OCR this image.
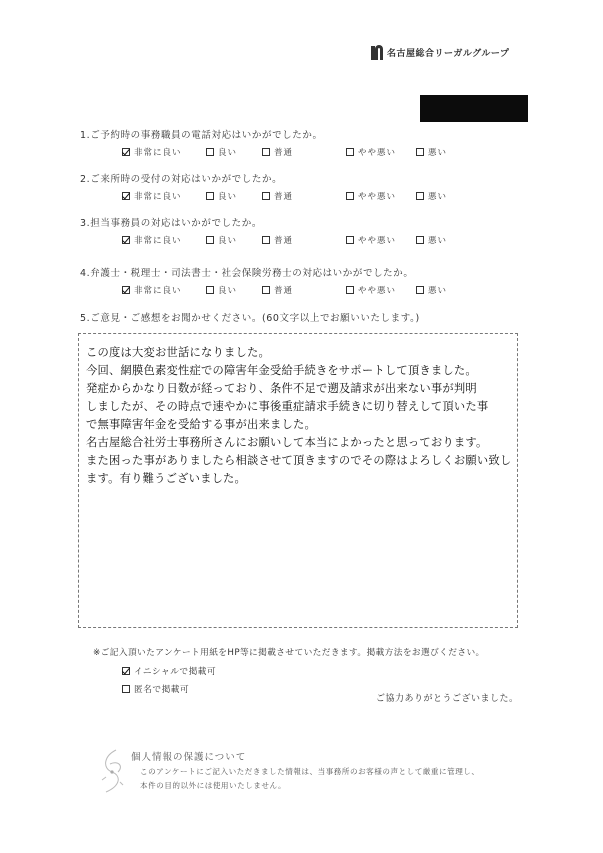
名古屋総合リーガルグループ
1.ご予約時の事務職員の電話対応はいかがでしたか。
非常に良い	良い	普通	やや悪い	悪い
2.ご来所時の受付の対応はいかがでしたか。
非常に良い	良い	普通	やや悪い	悪い
3.担当事務員の対応はいかがでしたか。
非常に良い	良い	普通	やや悪い	悪い
4.弁護士・税理士・司法書士・社会保険労務士の対応はいかがでしたか。
非常に良い	良い	普通	やや悪い	悪い
5.ご意見・ご感想をお聞かせください。(60文字以上でお願いいたします。)
この度は大変お世話になりました。
今回、網膜色素変性症での障害年金受給手続きをサポートして頂きました。
発症からかなり日数が経っており、条件不足で遡及請求が出来ない事が判明
しましたが、その時点で速やかに事後重症請求手続きに切り替えして頂いた事
で無事障害年金を受給する事が出来ました。
名古屋総合社労士事務所さんにお願いして本当によかったと思っております。
また困った事がありましたら相談させて頂きますのでその際はよろしくお願い致し
ます。有り難うございました。
※ご記入頂いたアンケート用紙をHP等に掲載させていただきます。掲載方法をお選びください。
イニシャルで掲載可
匿名で掲載可
ご協力ありがとうございました。
個人情報の保護について
このアンケートにご記入いただきました情報は、当事務所のお客様の声として厳重に管理し、
本件の目的以外には使用いたしません。
